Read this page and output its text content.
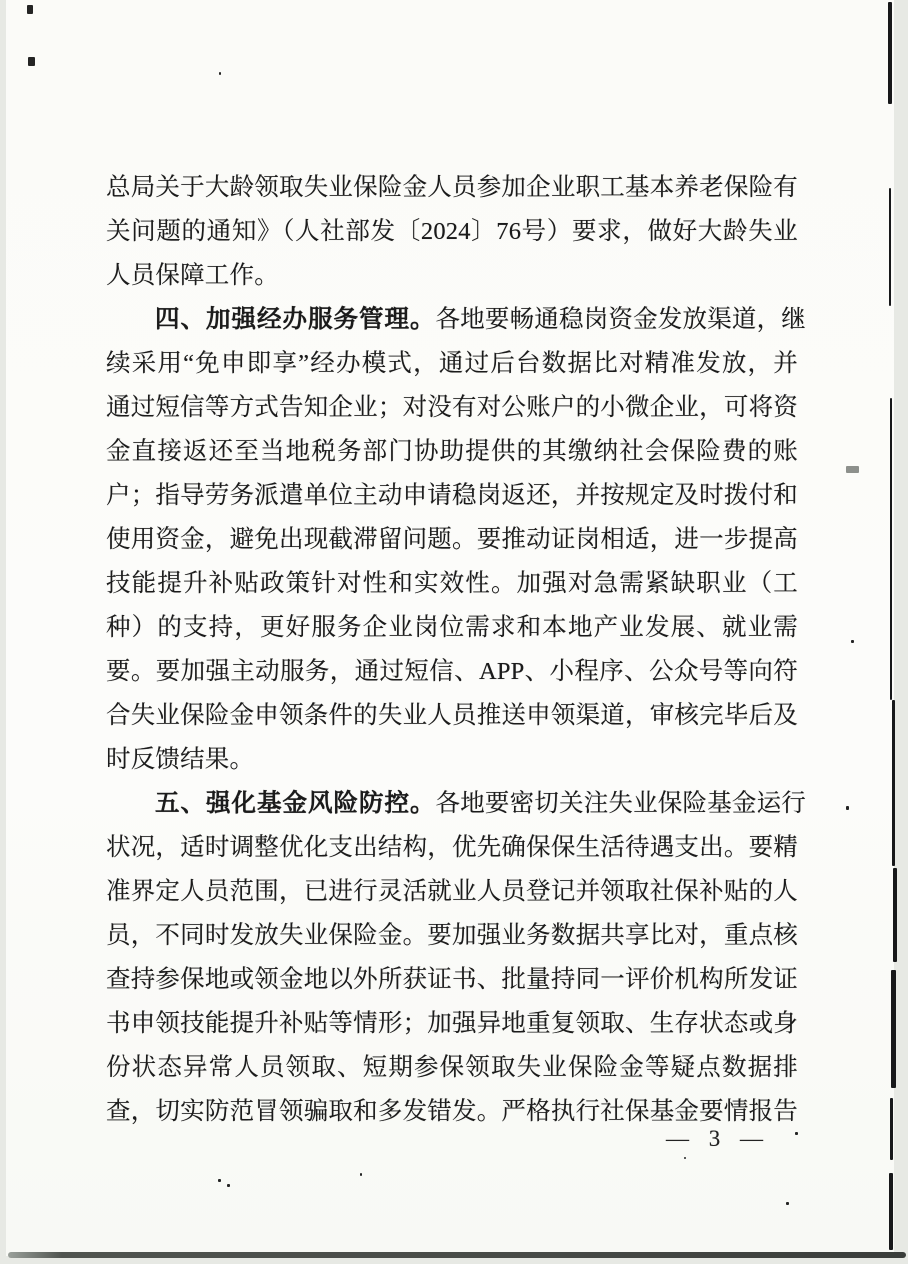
总局关于大龄领取失业保险金人员参加企业职工基本养老保险有
关问题的通知》（人社部发〔2024〕76号）要求，做好大龄失业
人员保障工作。
四、加强经办服务管理。各地要畅通稳岗资金发放渠道，继
续采用“免申即享”经办模式，通过后台数据比对精准发放，并
通过短信等方式告知企业；对没有对公账户的小微企业，可将资
金直接返还至当地税务部门协助提供的其缴纳社会保险费的账
户；指导劳务派遣单位主动申请稳岗返还，并按规定及时拨付和
使用资金，避免出现截滞留问题。要推动证岗相适，进一步提高
技能提升补贴政策针对性和实效性。加强对急需紧缺职业（工
种）的支持，更好服务企业岗位需求和本地产业发展、就业需
要。要加强主动服务，通过短信、APP、小程序、公众号等向符
合失业保险金申领条件的失业人员推送申领渠道，审核完毕后及
时反馈结果。
五、强化基金风险防控。各地要密切关注失业保险基金运行
状况，适时调整优化支出结构，优先确保保生活待遇支出。要精
准界定人员范围，已进行灵活就业人员登记并领取社保补贴的人
员，不同时发放失业保险金。要加强业务数据共享比对，重点核
查持参保地或领金地以外所获证书、批量持同一评价机构所发证
书申领技能提升补贴等情形；加强异地重复领取、生存状态或身
份状态异常人员领取、短期参保领取失业保险金等疑点数据排
查，切实防范冒领骗取和多发错发。严格执行社保基金要情报告
— 3 —
